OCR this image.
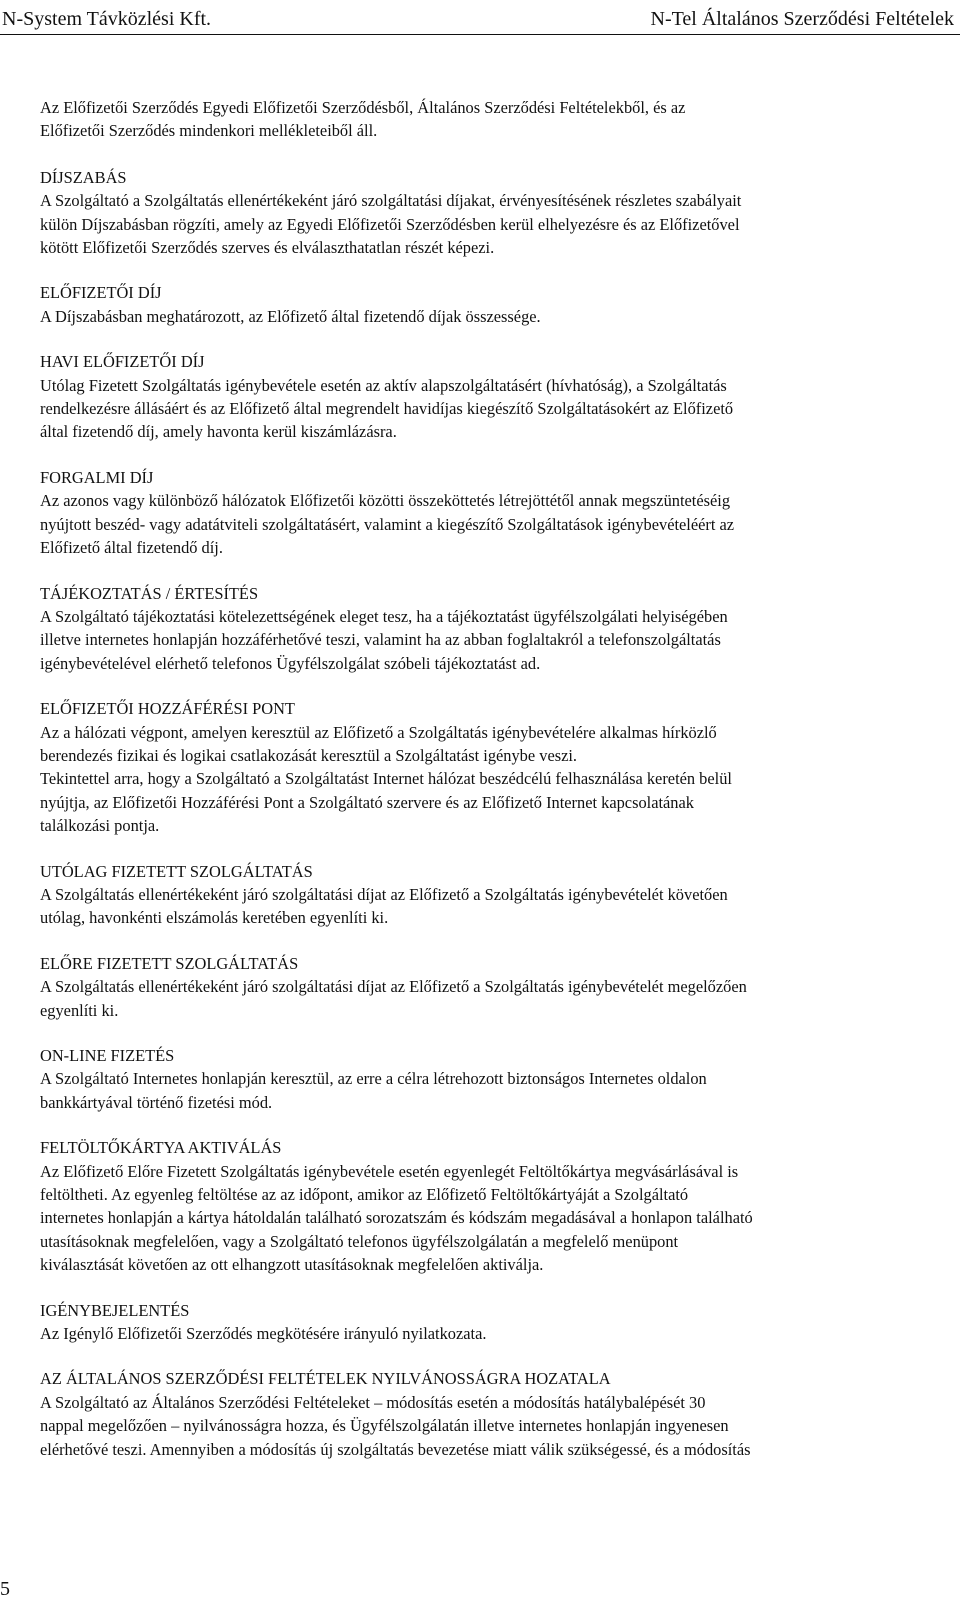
N-System Távközlési Kft.	N-Tel Általános Szerződési Feltételek

Az Előfizetői Szerződés Egyedi Előfizetői Szerződésből, Általános Szerződési Feltételekből, és az
Előfizetői Szerződés mindenkori mellékleteiből áll.

DÍJSZABÁS
A Szolgáltató a Szolgáltatás ellenértékeként járó szolgáltatási díjakat, érvényesítésének részletes szabályait
külön Díjszabásban rögzíti, amely az Egyedi Előfizetői Szerződésben kerül elhelyezésre és az Előfizetővel
kötött Előfizetői Szerződés szerves és elválaszthatatlan részét képezi.
ELŐFIZETŐI DÍJ
A Díjszabásban meghatározott, az Előfizető által fizetendő díjak összessége.
HAVI ELŐFIZETŐI DÍJ
Utólag Fizetett Szolgáltatás igénybevétele esetén az aktív alapszolgáltatásért (hívhatóság), a Szolgáltatás
rendelkezésre állásáért és az Előfizető által megrendelt havidíjas kiegészítő Szolgáltatásokért az Előfizető
által fizetendő díj, amely havonta kerül kiszámlázásra.
FORGALMI DÍJ
Az azonos vagy különböző hálózatok Előfizetői közötti összeköttetés létrejöttétől annak megszüntetéséig
nyújtott beszéd- vagy adatátviteli szolgáltatásért, valamint a kiegészítő Szolgáltatások igénybevételéért az
Előfizető által fizetendő díj.
TÁJÉKOZTATÁS / ÉRTESÍTÉS
A Szolgáltató tájékoztatási kötelezettségének eleget tesz, ha a tájékoztatást ügyfélszolgálati helyiségében
illetve internetes honlapján hozzáférhetővé teszi, valamint ha az abban foglaltakról a telefonszolgáltatás
igénybevételével elérhető telefonos Ügyfélszolgálat szóbeli tájékoztatást ad.
ELŐFIZETŐI HOZZÁFÉRÉSI PONT
Az a hálózati végpont, amelyen keresztül az Előfizető a Szolgáltatás igénybevételére alkalmas hírközlő
berendezés fizikai és logikai csatlakozását keresztül a Szolgáltatást igénybe veszi.
Tekintettel arra, hogy a Szolgáltató a Szolgáltatást Internet hálózat beszédcélú felhasználása keretén belül
nyújtja, az Előfizetői Hozzáférési Pont a Szolgáltató szervere és az Előfizető Internet kapcsolatának
találkozási pontja.
UTÓLAG FIZETETT SZOLGÁLTATÁS
A Szolgáltatás ellenértékeként járó szolgáltatási díjat az Előfizető a Szolgáltatás igénybevételét követően
utólag, havonkénti elszámolás keretében egyenlíti ki.
ELŐRE FIZETETT SZOLGÁLTATÁS
A Szolgáltatás ellenértékeként járó szolgáltatási díjat az Előfizető a Szolgáltatás igénybevételét megelőzően
egyenlíti ki.
ON-LINE FIZETÉS
A Szolgáltató Internetes honlapján keresztül, az erre a célra létrehozott biztonságos Internetes oldalon
bankkártyával történő fizetési mód.
FELTÖLTŐKÁRTYA AKTIVÁLÁS
Az Előfizető Előre Fizetett Szolgáltatás igénybevétele esetén egyenlegét Feltöltőkártya megvásárlásával is
feltöltheti. Az egyenleg feltöltése az az időpont, amikor az Előfizető Feltöltőkártyáját a Szolgáltató
internetes honlapján a kártya hátoldalán található sorozatszám és kódszám megadásával a honlapon található
utasításoknak megfelelően, vagy a Szolgáltató telefonos ügyfélszolgálatán a megfelelő menüpont
kiválasztását követően az ott elhangzott utasításoknak megfelelően aktiválja.
IGÉNYBEJELENTÉS
Az Igénylő Előfizetői Szerződés megkötésére irányuló nyilatkozata.
AZ ÁLTALÁNOS SZERZŐDÉSI FELTÉTELEK NYILVÁNOSSÁGRA HOZATALA
A Szolgáltató az Általános Szerződési Feltételeket – módosítás esetén a módosítás hatálybalépését 30
nappal megelőzően – nyilvánosságra hozza, és Ügyfélszolgálatán illetve internetes honlapján ingyenesen
elérhetővé teszi. Amennyiben a módosítás új szolgáltatás bevezetése miatt válik szükségessé, és a módosítás
5
